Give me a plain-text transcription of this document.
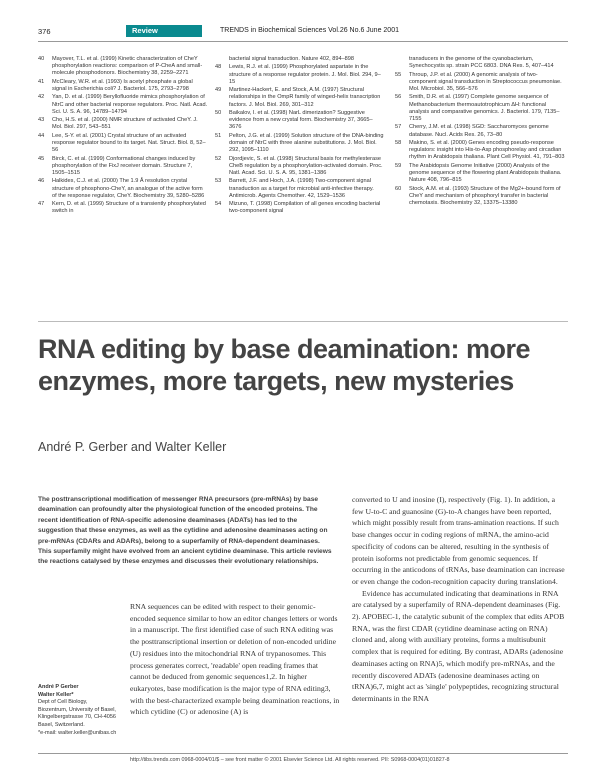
376	Review	TRENDS in Biochemical Sciences Vol.26 No.6 June 2001
40 Mayover, T.L. et al. (1999) Kinetic characterization of CheY phosphorylation reactions: comparison of P-CheA and small-molecule phosphodonors. Biochemistry 38, 2259–2271
41 McCleary, W.R. et al. (1993) Is acetyl phosphate a global signal in Escherichia coli? J. Bacteriol. 175, 2793–2798
42 Yan, D. et al. (1999) Beryllofluoride mimics phosphorylation of NtrC and other bacterial response regulators. Proc. Natl. Acad. Sci. U. S. A. 96, 14789–14794
43 Cho, H.S. et al. (2000) NMR structure of activated CheY. J. Mol. Biol. 297, 543–551
44 Lee, S-Y. et al. (2001) Crystal structure of an activated response regulator bound to its target. Nat. Struct. Biol. 8, 52–56
45 Birck, C. et al. (1999) Conformational changes induced by phosphorylation of the FixJ receiver domain. Structure 7, 1505–1515
46 Halkides, C.J. et al. (2000) The 1.9 Å resolution crystal structure of phosphono-CheY, an analogue of the active form of the response regulator, CheY. Biochemistry 39, 5280–5286
47 Kern, D. et al. (1999) Structure of a transiently phosphorylated switch in
bacterial signal transduction. Nature 402, 894–898
48 Lewis, R.J. et al. (1999) Phosphorylated aspartate in the structure of a response regulator protein. J. Mol. Biol. 294, 9–15
49 Martinez-Hackert, E. and Stock, A.M. (1997) Structural relationships in the OmpR family of winged-helix transcription factors. J. Mol. Biol. 269, 301–312
50 Baikalov, I. et al. (1998) NarL dimerization? Suggestive evidence from a new crystal form. Biochemistry 37, 3665–3676
51 Pelton, J.G. et al. (1999) Solution structure of the DNA-binding domain of NtrC with three alanine substitutions. J. Mol. Biol. 292, 1095–1110
52 Djordjevic, S. et al. (1998) Structural basis for methylesterase CheB regulation by a phosphorylation-activated domain. Proc. Natl. Acad. Sci. U. S. A. 95, 1381–1386
53 Barrett, J.F. and Hoch, J.A. (1998) Two-component signal transduction as a target for microbial anti-infective therapy. Antimicrob. Agents Chemother. 42, 1529–1536
54 Mizuno, T. (1998) Compilation of all genes encoding bacterial two-component signal
transducers in the genome of the cyanobacterium, Synechocystis sp. strain PCC 6803. DNA Res. 5, 407–414
55 Throup, J.P. et al. (2000) A genomic analysis of two-component signal transduction in Streptococcus pneumoniae. Mol. Microbiol. 35, 566–576
56 Smith, D.R. et al. (1997) Complete genome sequence of Methanobacterium thermoautotrophicum ΔH: functional analysis and comparative genomics. J. Bacteriol. 179, 7135–7155
57 Cherry, J.M. et al. (1998) SGD: Saccharomyces genome database. Nucl. Acids Res. 26, 73–80
58 Makino, S. et al. (2000) Genes encoding pseudo-response regulators: insight into His-to-Asp phosphorelay and circadian rhythm in Arabidopsis thaliana. Plant Cell Physiol. 41, 791–803
59 The Arabidopsis Genome Initiative (2000) Analysis of the genome sequence of the flowering plant Arabidopsis thaliana. Nature 408, 796–815
60 Stock, A.M. et al. (1993) Structure of the Mg2+-bound form of CheY and mechanism of phosphoryl transfer in bacterial chemotaxis. Biochemistry 32, 13375–13380
RNA editing by base deamination: more enzymes, more targets, new mysteries
André P. Gerber and Walter Keller
The posttranscriptional modification of messenger RNA precursors (pre-mRNAs) by base deamination can profoundly alter the physiological function of the encoded proteins. The recent identification of RNA-specific adenosine deaminases (ADATs) has led to the suggestion that these enzymes, as well as the cytidine and adenosine deaminases acting on pre-mRNAs (CDARs and ADARs), belong to a superfamily of RNA-dependent deaminases. This superfamily might have evolved from an ancient cytidine deaminase. This article reviews the reactions catalysed by these enzymes and discusses their evolutionary relationships.

RNA sequences can be edited with respect to their genomic-encoded sequence similar to how an editor changes letters or words in a manuscript. The first identified case of such RNA editing was the posttranscriptional insertion or deletion of non-encoded uridine (U) residues into the mitochondrial RNA of trypanosomes. This process generates correct, 'readable' open reading frames that cannot be deduced from genomic sequences1,2. In higher eukaryotes, base modification is the major type of RNA editing3, with the best-characterized example being deamination reactions, in which cytidine (C) or adenosine (A) is

converted to U and inosine (I), respectively (Fig. 1). In addition, a few U-to-C and guanosine (G)-to-A changes have been reported, which might possibly result from trans-amination reactions. If such base changes occur in coding regions of mRNA, the amino-acid specificity of codons can be altered, resulting in the synthesis of protein isoforms not predictable from genomic sequences. If occurring in the anticodons of tRNAs, base deamination can increase or even change the codon-recognition capacity during translation4.

Evidence has accumulated indicating that deaminations in RNA are catalysed by a superfamily of RNA-dependent deaminases (Fig. 2). APOBEC-1, the catalytic subunit of the complex that edits APOB RNA, was the first CDAR (cytidine deaminase acting on RNA) cloned and, along with auxiliary proteins, forms a multisubunit complex that is required for editing. By contrast, ADARs (adenosine deaminases acting on RNA)5, which modify pre-mRNAs, and the recently discovered ADATs (adenosine deaminases acting on tRNA)6,7, might act as 'single' polypeptides, recognizing structural determinants in the RNA

André P Gerber
Walter Keller*
Dept of Cell Biology, Biozentrum, University of Basel, Klingelbergstrasse 70, CH-4056 Basel, Switzerland.
*e-mail: walter.keller@unibas.ch
http://tibs.trends.com 0968-0004/01/$ – see front matter © 2001 Elsevier Science Ltd. All rights reserved. PII: S0968-0004(01)01827-8
